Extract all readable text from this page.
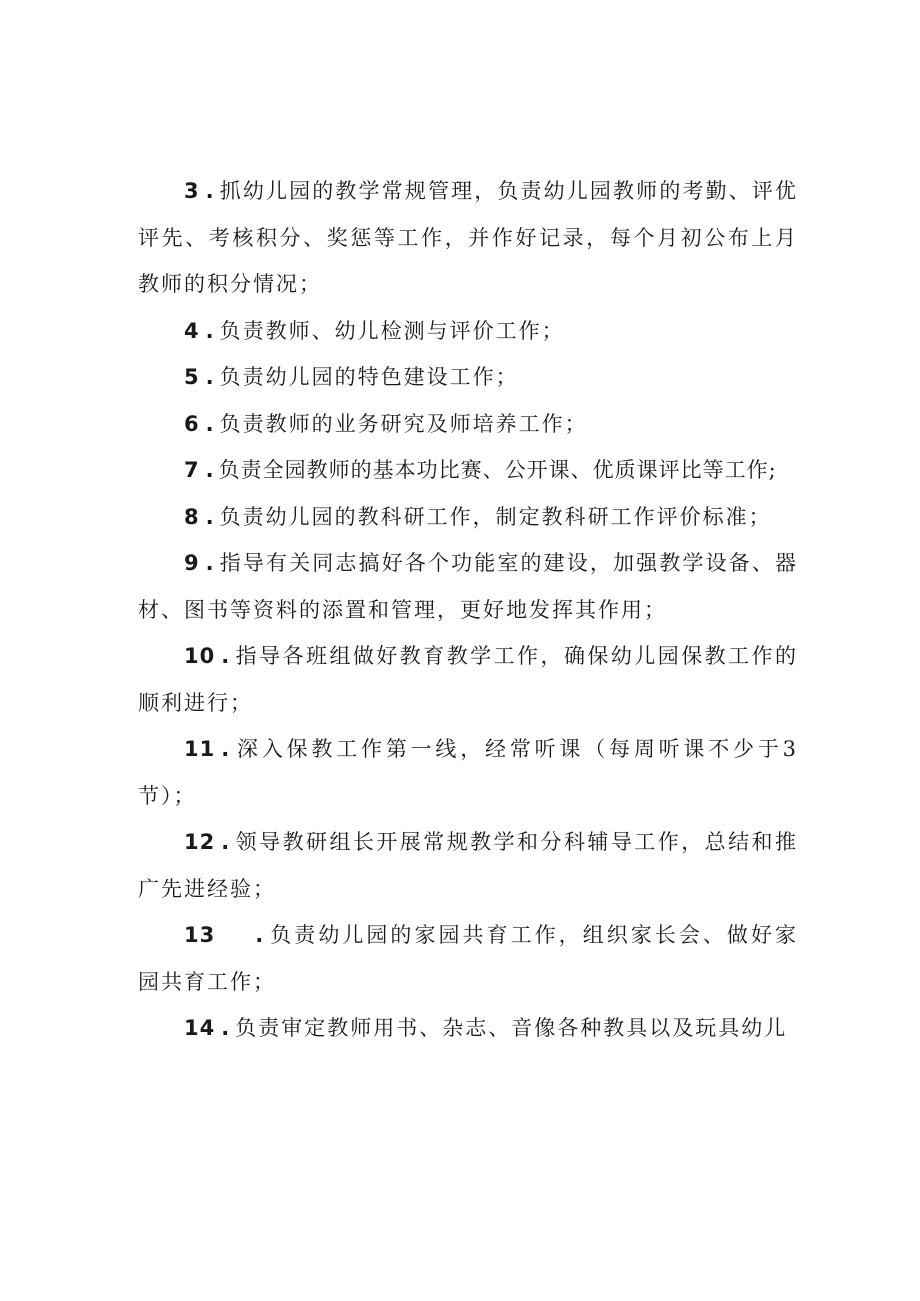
3 . 抓幼儿园的教学常规管理，负责幼儿园教师的考勤、评优评先、考核积分、奖惩等工作，并作好记录，每个月初公布上月教师的积分情况；

4 . 负责教师、幼儿检测与评价工作；

5 . 负责幼儿园的特色建设工作；

6 . 负责教师的业务研究及师培养工作；

7 . 负责全园教师的基本功比赛、公开课、优质课评比等工作;

8 . 负责幼儿园的教科研工作，制定教科研工作评价标准；

9 . 指导有关同志搞好各个功能室的建设，加强教学设备、器材、图书等资料的添置和管理，更好地发挥其作用；

10 . 指导各班组做好教育教学工作，确保幼儿园保教工作的顺利进行；

11 . 深入保教工作第一线，经常听课（每周听课不少于3节）；

12 . 领导教研组长开展常规教学和分科辅导工作，总结和推广先进经验；

13 . 负责幼儿园的家园共育工作，组织家长会、做好家园共育工作；

14 . 负责审定教师用书、杂志、音像各种教具以及玩具幼儿
